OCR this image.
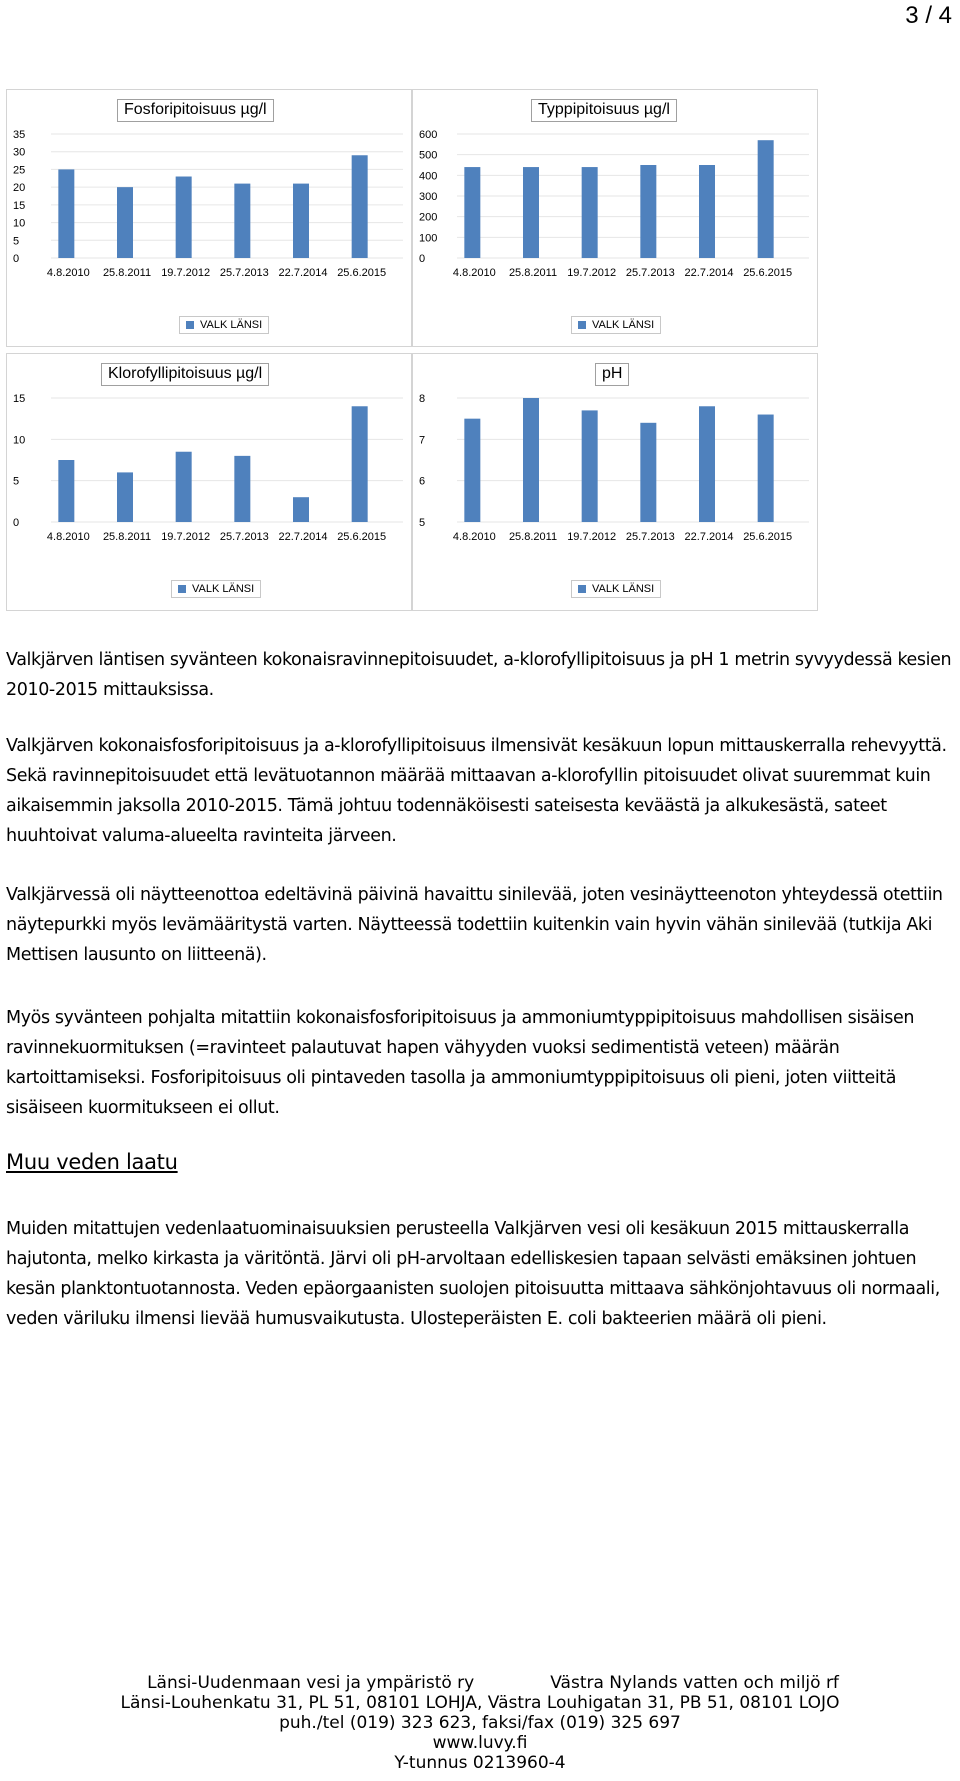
3 / 4
Fosforipitoisuus µg/l
0
5
10
15
20
25
30
35
4.8.2010 25.8.2011 19.7.2012 25.7.2013 22.7.2014 25.6.2015
VALK LÄNSI
Typpipitoisuus µg/l
0
100
200
300
400
500
600
4.8.2010 25.8.2011 19.7.2012 25.7.2013 22.7.2014 25.6.2015
VALK LÄNSI
Klorofyllipitoisuus µg/l
0
5
10
15
4.8.2010 25.8.2011 19.7.2012 25.7.2013 22.7.2014 25.6.2015
VALK LÄNSI
pH
5
6
7
8
4.8.2010 25.8.2011 19.7.2012 25.7.2013 22.7.2014 25.6.2015
VALK LÄNSI

Valkjärven läntisen syvänteen kokonaisravinnepitoisuudet, a-klorofyllipitoisuus ja pH 1 metrin syvyydessä kesien 2010-2015 mittauksissa.

Valkjärven kokonaisfosforipitoisuus ja a-klorofyllipitoisuus ilmensivät kesäkuun lopun mittauskerralla rehevyyttä. Sekä ravinnepitoisuudet että levätuotannon määrää mittaavan a-klorofyllin pitoisuudet olivat suuremmat kuin aikaisemmin jaksolla 2010-2015. Tämä johtuu todennäköisesti sateisesta keväästä ja alkukesästä, sateet huuhtoivat valuma-alueelta ravinteita järveen.

Valkjärvessä oli näytteenottoa edeltävinä päivinä havaittu sinilevää, joten vesinäytteenoton yhteydessä otettiin näytepurkki myös levämääritystä varten. Näytteessä todettiin kuitenkin vain hyvin vähän sinilevää (tutkija Aki Mettisen lausunto on liitteenä).

Myös syvänteen pohjalta mitattiin kokonaisfosforipitoisuus ja ammoniumtyppipitoisuus mahdollisen sisäisen ravinnekuormituksen (=ravinteet palautuvat hapen vähyyden vuoksi sedimentistä veteen) määrän kartoittamiseksi. Fosforipitoisuus oli pintaveden tasolla ja ammoniumtyppipitoisuus oli pieni, joten viitteitä sisäiseen kuormitukseen ei ollut.

Muu veden laatu

Muiden mitattujen vedenlaatuominaisuuksien perusteella Valkjärven vesi oli kesäkuun 2015 mittauskerralla hajutonta, melko kirkasta ja väritöntä. Järvi oli pH-arvoltaan edelliskesien tapaan selvästi emäksinen johtuen kesän planktontuotannosta. Veden epäorgaanisten suolojen pitoisuutta mittaava sähkönjohtavuus oli normaali, veden väriluku ilmensi lievää humusvaikutusta. Ulosteperäisten E. coli bakteerien määrä oli pieni.

Länsi-Uudenmaan vesi ja ympäristö ry	Västra Nylands vatten och miljö rf
Länsi-Louhenkatu 31, PL 51, 08101 LOHJA, Västra Louhigatan 31, PB 51, 08101 LOJO
puh./tel (019) 323 623, faksi/fax (019) 325 697
www.luvy.fi
Y-tunnus 0213960-4
